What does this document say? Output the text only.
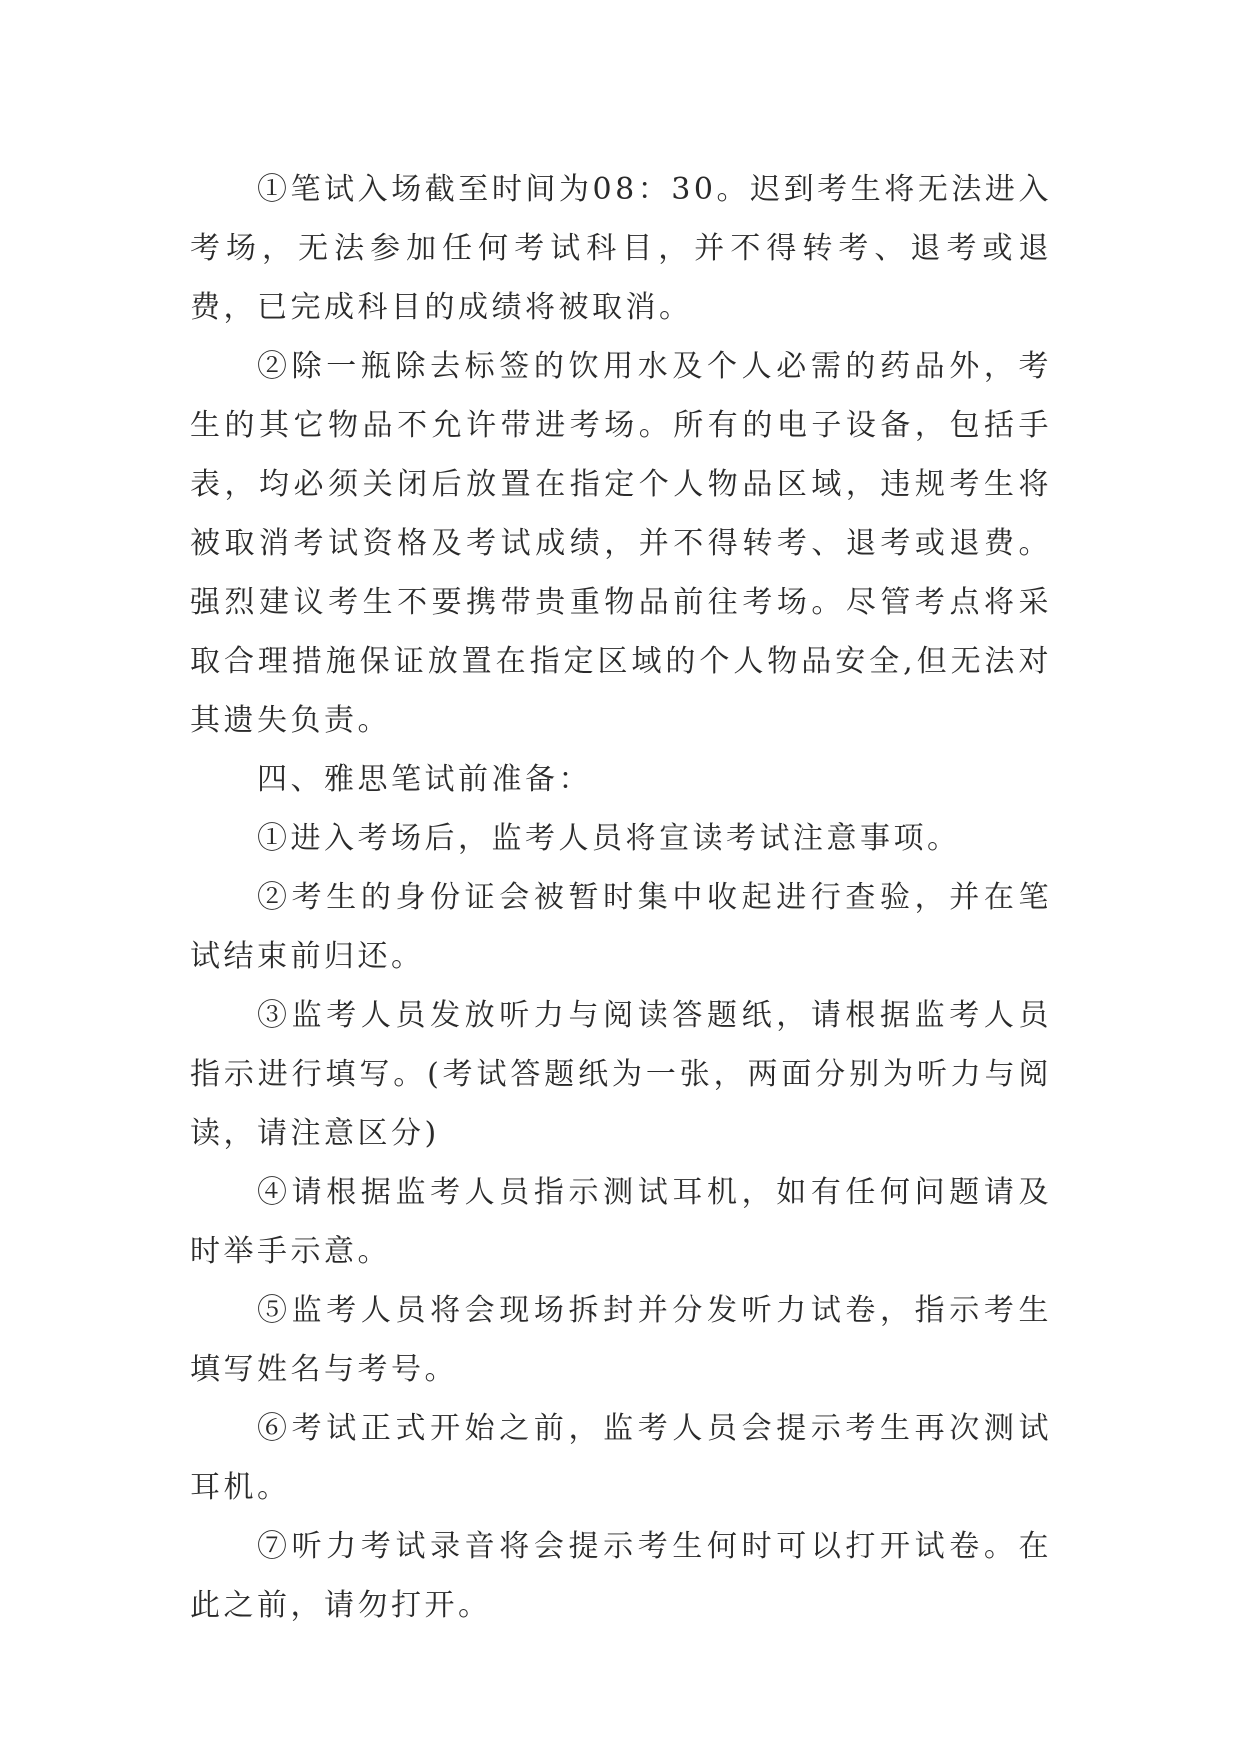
①笔试入场截至时间为08：30。迟到考生将无法进入考场，无法参加任何考试科目，并不得转考、退考或退费，已完成科目的成绩将被取消。

②除一瓶除去标签的饮用水及个人必需的药品外，考生的其它物品不允许带进考场。所有的电子设备，包括手表，均必须关闭后放置在指定个人物品区域，违规考生将被取消考试资格及考试成绩，并不得转考、退考或退费。强烈建议考生不要携带贵重物品前往考场。尽管考点将采取合理措施保证放置在指定区域的个人物品安全,但无法对其遗失负责。

四、雅思笔试前准备：

①进入考场后，监考人员将宣读考试注意事项。

②考生的身份证会被暂时集中收起进行查验，并在笔试结束前归还。

③监考人员发放听力与阅读答题纸，请根据监考人员指示进行填写。(考试答题纸为一张，两面分别为听力与阅读，请注意区分)

④请根据监考人员指示测试耳机，如有任何问题请及时举手示意。

⑤监考人员将会现场拆封并分发听力试卷，指示考生填写姓名与考号。

⑥考试正式开始之前，监考人员会提示考生再次测试耳机。

⑦听力考试录音将会提示考生何时可以打开试卷。在此之前，请勿打开。
